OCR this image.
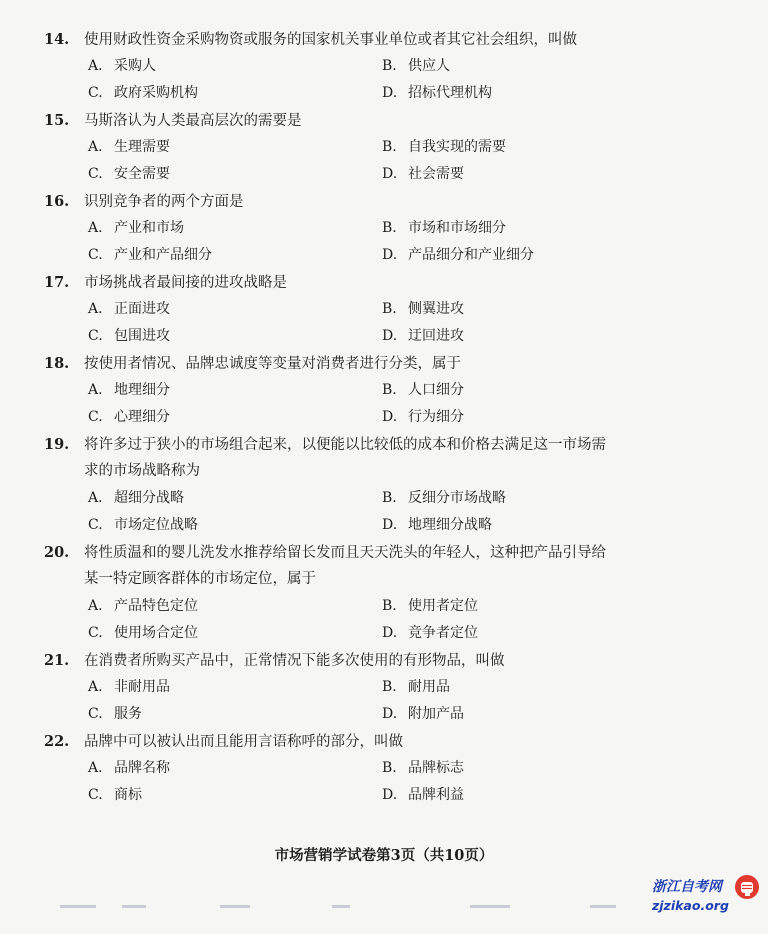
14. 使用财政性资金采购物资或服务的国家机关事业单位或者其它社会组织，叫做
A. 采购人	B. 供应人
C. 政府采购机构	D. 招标代理机构
15. 马斯洛认为人类最高层次的需要是
A. 生理需要	B. 自我实现的需要
C. 安全需要	D. 社会需要
16. 识别竞争者的两个方面是
A. 产业和市场	B. 市场和市场细分
C. 产业和产品细分	D. 产品细分和产业细分
17. 市场挑战者最间接的进攻战略是
A. 正面进攻	B. 侧翼进攻
C. 包围进攻	D. 迂回进攻
18. 按使用者情况、品牌忠诚度等变量对消费者进行分类，属于
A. 地理细分	B. 人口细分
C. 心理细分	D. 行为细分
19. 将许多过于狭小的市场组合起来，以便能以比较低的成本和价格去满足这一市场需
求的市场战略称为
A. 超细分战略	B. 反细分市场战略
C. 市场定位战略	D. 地理细分战略
20. 将性质温和的婴儿洗发水推荐给留长发而且天天洗头的年轻人，这种把产品引导给
某一特定顾客群体的市场定位，属于
A. 产品特色定位	B. 使用者定位
C. 使用场合定位	D. 竞争者定位
21. 在消费者所购买产品中，正常情况下能多次使用的有形物品，叫做
A. 非耐用品	B. 耐用品
C. 服务	D. 附加产品
22. 品牌中可以被认出而且能用言语称呼的部分，叫做
A. 品牌名称	B. 品牌标志
C. 商标	D. 品牌利益
市场营销学试卷第3页（共10页）
浙江自考网
zjzikao.org
